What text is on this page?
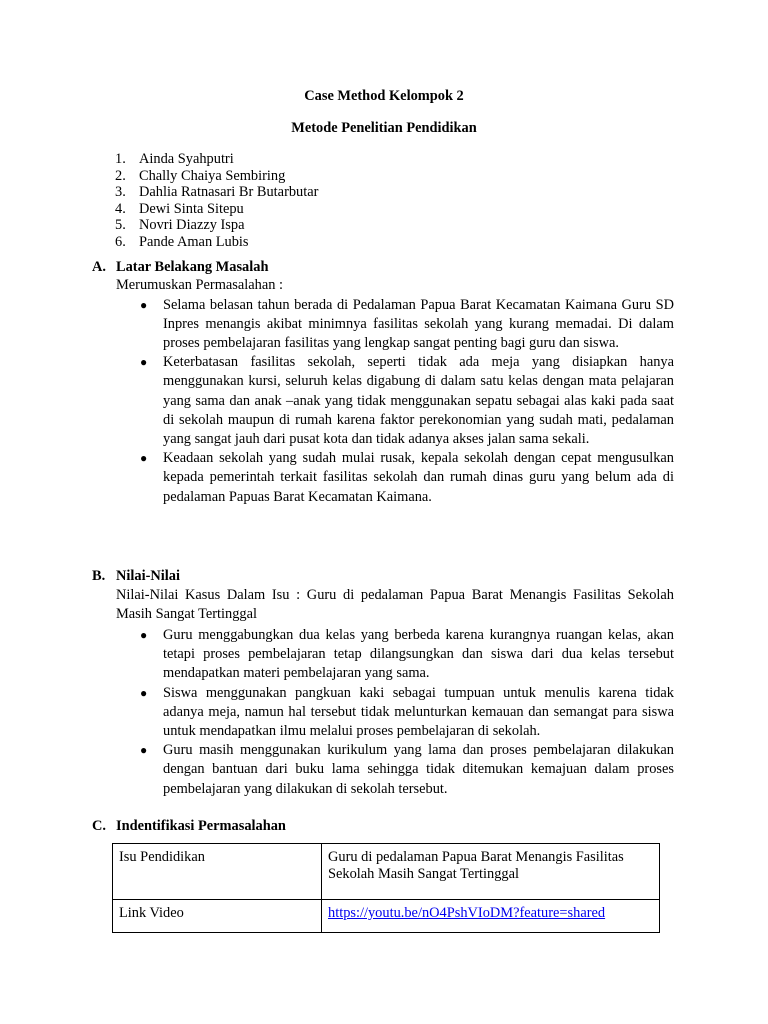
Case Method Kelompok 2
Metode Penelitian Pendidikan
1. Ainda Syahputri
2. Chally Chaiya Sembiring
3. Dahlia Ratnasari Br Butarbutar
4. Dewi Sinta Sitepu
5. Novri Diazzy Ispa
6. Pande Aman Lubis
A. Latar Belakang Masalah
Merumuskan Permasalahan :
● Selama belasan tahun berada di Pedalaman Papua Barat Kecamatan Kaimana Guru SD Inpres menangis akibat minimnya fasilitas sekolah yang kurang memadai. Di dalam proses pembelajaran fasilitas yang lengkap sangat penting bagi guru dan siswa.
● Keterbatasan fasilitas sekolah, seperti tidak ada meja yang disiapkan hanya menggunakan kursi, seluruh kelas digabung di dalam satu kelas dengan mata pelajaran yang sama dan anak –anak yang tidak menggunakan sepatu sebagai alas kaki pada saat di sekolah maupun di rumah karena faktor perekonomian yang sudah mati, pedalaman yang sangat jauh dari pusat kota dan tidak adanya akses jalan sama sekali.
● Keadaan sekolah yang sudah mulai rusak, kepala sekolah dengan cepat mengusulkan kepada pemerintah terkait fasilitas sekolah dan rumah dinas guru yang belum ada di pedalaman Papuas Barat Kecamatan Kaimana.
B. Nilai-Nilai
Nilai-Nilai Kasus Dalam Isu : Guru di pedalaman Papua Barat Menangis Fasilitas Sekolah Masih Sangat Tertinggal
● Guru menggabungkan dua kelas yang berbeda karena kurangnya ruangan kelas, akan tetapi proses pembelajaran tetap dilangsungkan dan siswa dari dua kelas tersebut mendapatkan materi pembelajaran yang sama.
● Siswa menggunakan pangkuan kaki sebagai tumpuan untuk menulis karena tidak adanya meja, namun hal tersebut tidak melunturkan kemauan dan semangat para siswa untuk mendapatkan ilmu melalui proses pembelajaran di sekolah.
● Guru masih menggunakan kurikulum yang lama dan proses pembelajaran dilakukan dengan bantuan dari buku lama sehingga tidak ditemukan kemajuan dalam proses pembelajaran yang dilakukan di sekolah tersebut.
C. Indentifikasi Permasalahan
Isu Pendidikan	Guru di pedalaman Papua Barat Menangis Fasilitas Sekolah Masih Sangat Tertinggal
Link Video	https://youtu.be/nO4PshVIoDM?feature=shared
